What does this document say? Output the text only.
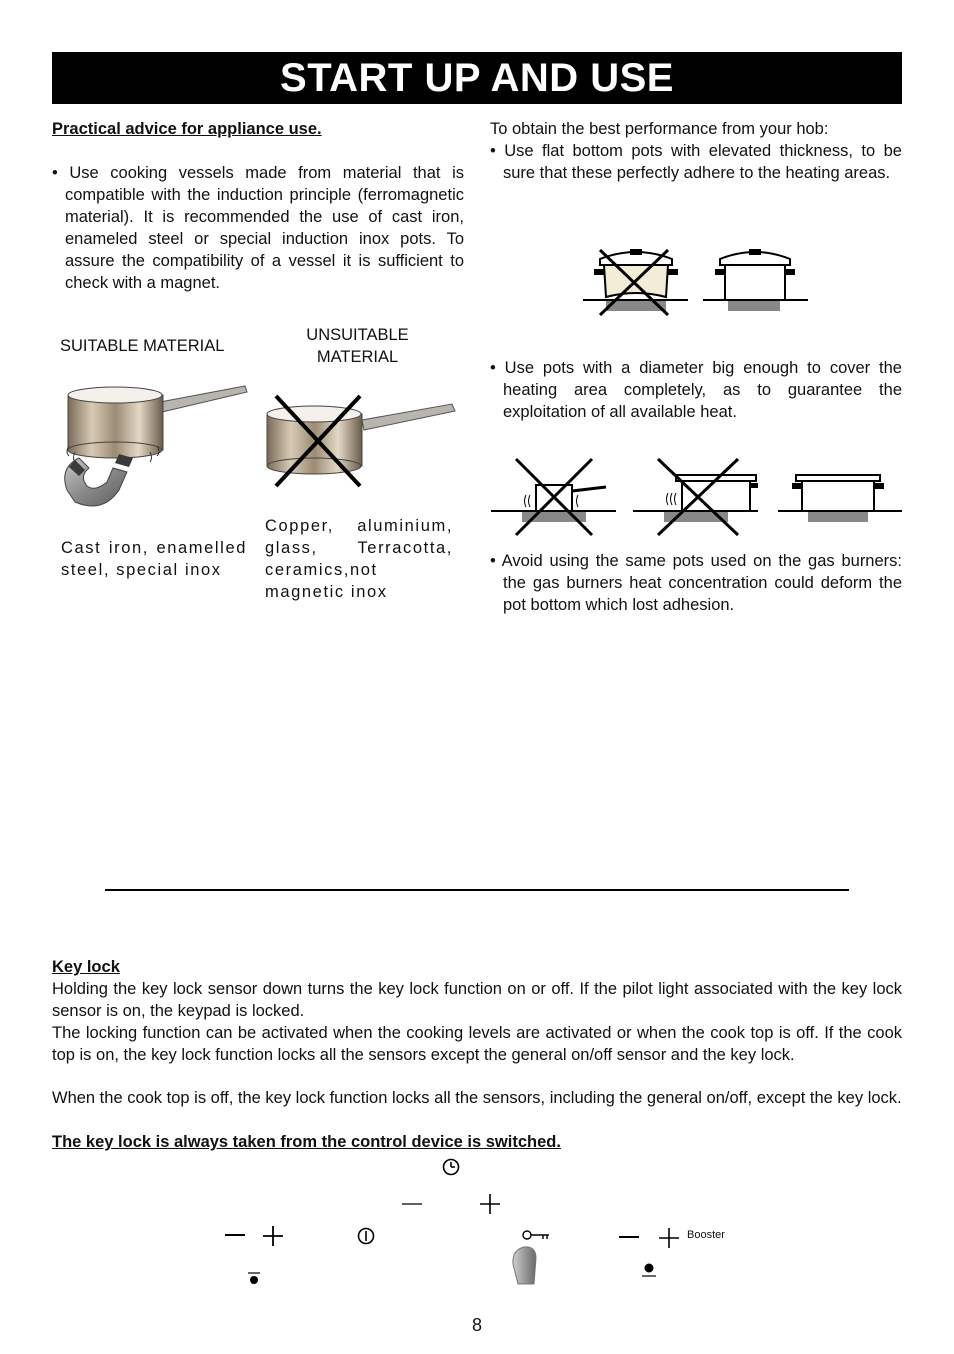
START UP AND USE
Practical advice for appliance use.
• Use cooking vessels made from material that is compatible with the induction principle (ferromagnetic material). It is recommended the use of cast iron, enameled steel or special induction inox pots. To assure the compatibility of a vessel it is sufficient to check with a magnet.
SUITABLE MATERIAL
UNSUITABLE MATERIAL
Cast iron, enamelled steel, special inox
Copper, aluminium, glass, Terracotta, ceramics,not magnetic inox
To obtain the best performance from your hob:
• Use flat bottom pots with elevated thickness, to be sure that these perfectly adhere to the heating areas.
• Use pots with a diameter big enough to cover the heating area completely, as to guarantee the exploitation of all available heat.
• Avoid using the same pots used on the gas burners: the gas burners heat concentration could deform the pot bottom which lost adhesion.
Key lock
Holding the key lock sensor down turns the key lock function on or off. If the pilot light associated with the key lock sensor is on, the keypad is locked.
The locking function can be activated when the cooking levels are activated or when the cook top is off. If the cook top is on, the key lock function locks all the sensors except the general on/off sensor and the key lock.
When the cook top is off, the key lock function locks all the sensors, including the general on/off, except the key lock.
The key lock is always taken from the control device is switched.
Booster
8
